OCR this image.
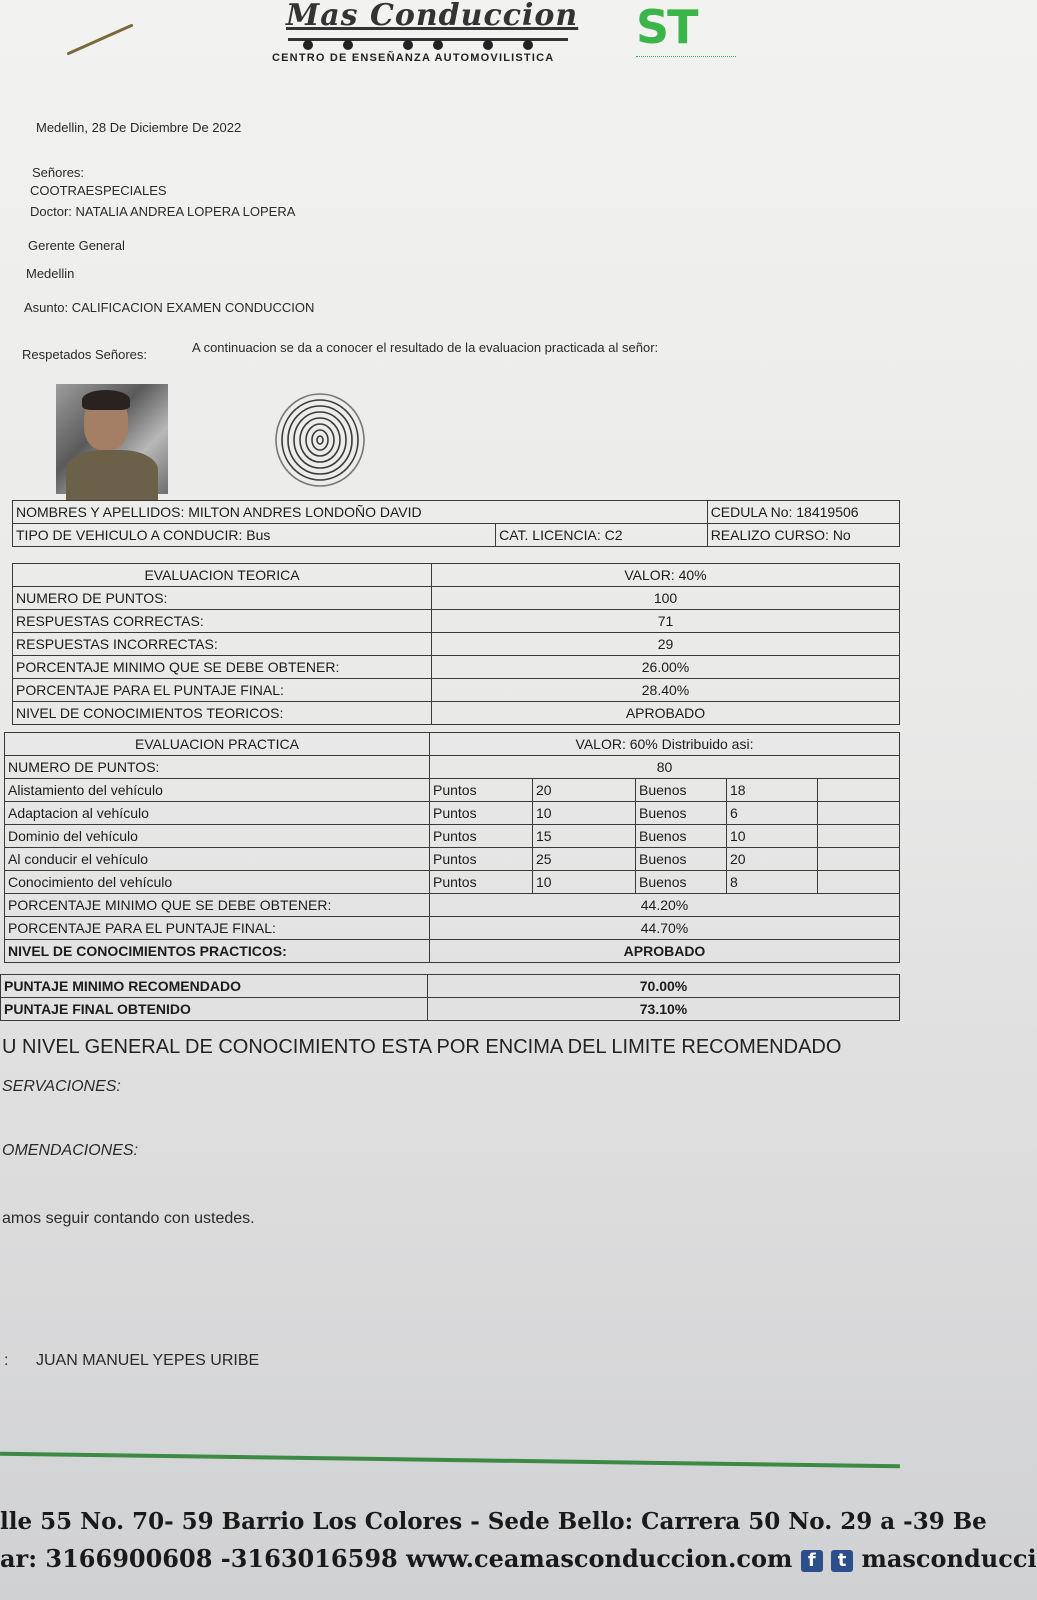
Mas Conduccion
CENTRO DE ENSEÑANZA AUTOMOVILISTICA
ST
Medellin, 28 De Diciembre De 2022
Señores:
COOTRAESPECIALES
Doctor: NATALIA ANDREA LOPERA LOPERA
Gerente General
Medellin
Asunto: CALIFICACION EXAMEN CONDUCCION
Respetados Señores:	A continuacion se da a conocer el resultado de la evaluacion practicada al señor:
NOMBRES Y APELLIDOS: MILTON ANDRES LONDOÑO DAVID		CEDULA No: 18419506
TIPO DE VEHICULO A CONDUCIR: Bus	CAT. LICENCIA: C2	REALIZO CURSO: No
EVALUACION TEORICA	VALOR: 40%
NUMERO DE PUNTOS:	100
RESPUESTAS CORRECTAS:	71
RESPUESTAS INCORRECTAS:	29
PORCENTAJE MINIMO QUE SE DEBE OBTENER:	26.00%
PORCENTAJE PARA EL PUNTAJE FINAL:	28.40%
NIVEL DE CONOCIMIENTOS TEORICOS:	APROBADO
EVALUACION PRACTICA	VALOR: 60% Distribuido asi:				
NUMERO DE PUNTOS:	80				
Alistamiento del vehículo	Puntos	20	Buenos	18	
Adaptacion al vehículo	Puntos	10	Buenos	6	
Dominio del vehículo	Puntos	15	Buenos	10	
Al conducir el vehículo	Puntos	25	Buenos	20	
Conocimiento del vehículo	Puntos	10	Buenos	8	
PORCENTAJE MINIMO QUE SE DEBE OBTENER:	44.20%				
PORCENTAJE PARA EL PUNTAJE FINAL:	44.70%				
NIVEL DE CONOCIMIENTOS PRACTICOS:	APROBADO				
PUNTAJE MINIMO RECOMENDADO	70.00%
PUNTAJE FINAL OBTENIDO	73.10%
U NIVEL GENERAL DE CONOCIMIENTO ESTA POR ENCIMA DEL LIMITE RECOMENDADO
SERVACIONES:
OMENDACIONES:
amos seguir contando con ustedes.
: JUAN MANUEL YEPES URIBE
lle 55 No. 70- 59 Barrio Los Colores - Sede Bello: Carrera 50 No. 29 a -39 Be
ar: 3166900608 -3163016598 www.ceamasconduccion.com f t masconducci
